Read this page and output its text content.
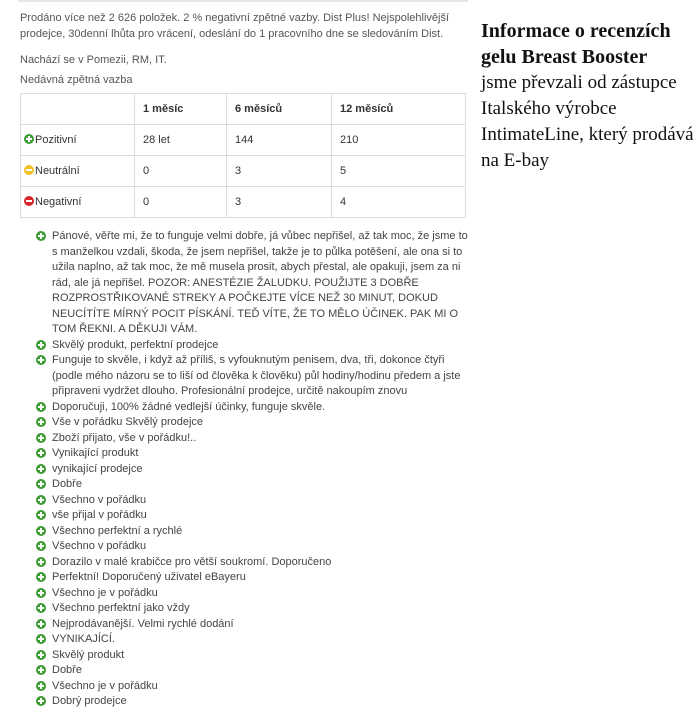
Prodáno více než 2 626 položek. 2 % negativní zpětné vazby. Dist Plus! Nejspolehlivější prodejce, 30denní lhůta pro vrácení, odeslání do 1 pracovního dne se sledováním Dist.

Nachází se v Pomezii, RM, IT.

Nedávná zpětná vazba

	1 měsíc	6 měsíců	12 měsíců
Pozitivní	28 let	144	210
Neutrální	0	3	5
Negativní	0	3	4
Pánové, věřte mi, že to funguje velmi dobře, já vůbec nepřišel, až tak moc, že jsme to s manželkou vzdali, škoda, že jsem nepřišel, takže je to půlka potěšení, ale ona si to užila naplno, až tak moc, že mě musela prosit, abych přestal, ale opakuji, jsem za ni rád, ale já nepřišel. POZOR: ANESTÉZIE ŽALUDKU. POUŽIJTE 3 DOBŘE ROZPROSTŘIKOVANÉ STREKY A POČKEJTE VÍCE NEŽ 30 MINUT, DOKUD NEUCÍTÍTE MÍRNÝ POCIT PÍSKÁNÍ. TEĎ VÍTE, ŽE TO MĚLO ÚČINEK. PAK MI O TOM ŘEKNI. A DĚKUJI VÁM.
Skvělý produkt, perfektní prodejce
Funguje to skvěle, i když až příliš, s vyfouknutým penisem, dva, tři, dokonce čtyři (podle mého názoru se to liší od člověka k člověku) půl hodiny/hodinu předem a jste připraveni vydržet dlouho. Profesionální prodejce, určitě nakoupím znovu
Doporučuji, 100% žádné vedlejší účinky, funguje skvěle.
Vše v pořádku Skvělý prodejce
Zboží přijato, vše v pořádku!..
Vynikající produkt
vynikající prodejce
Dobře
Všechno v pořádku
vše přijal v pořádku
Všechno perfektní a rychlé
Všechno v pořádku
Dorazilo v malé krabičce pro větší soukromí. Doporučeno
Perfektní! Doporučený uživatel eBayeru
Všechno je v pořádku
Všechno perfektní jako vždy
Nejprodávanější. Velmi rychlé dodání
VYNIKAJÍCÍ.
Skvělý produkt
Dobře
Všechno je v pořádku
Dobrý prodejce
Informace o recenzích gelu Breast Booster
jsme převzali od zástupce Italského výrobce IntimateLine, který prodává na E-bay
